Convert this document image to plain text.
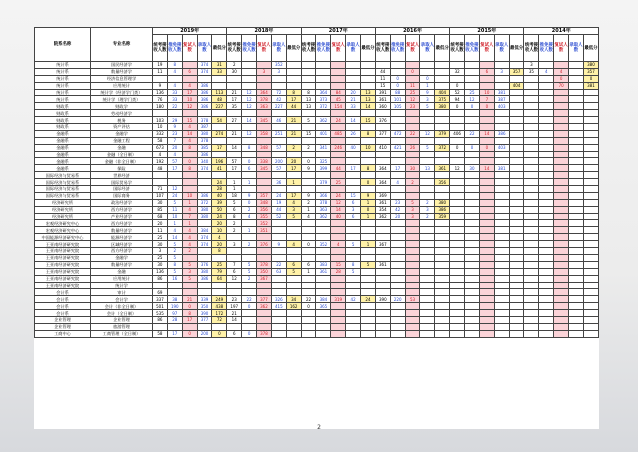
院系名称	专业名称	2019年					2018年					2017年					2016年					2015年					2014年				
		统考接收人数	推免接收人数	复试人数	录取人数	最低分	统考接收人数	推免接收人数	复试人数	录取人数	最低分	统考接收人数	推免接收人数	复试人数	录取人数	最低分	统考接收人数	推免接收人数	复试人数	录取人数	最低分	统考接收人数	推免接收人数	复试人数	录取人数	最低分	统考接收人数	推免接收人数	复试人数	录取人数	最低分
统计系	国民经济学	19	8		374	31	2			352																	3				380
统计系	数量经济学	11	4	6	374	33	30		3	3							44		0			32		6	3	357	35	4	4		357
统计系	经济信息管理学																11	0		0									0		0
统计系	应用统计	9	4	4	386												15	0	11	1		0				404			70		381
统计系	统计学（经济学门类）	136	33	17	386	113	21	12	364	72	8	8	364	84	20	13	391	88	25	9	404	52	25	10	381						
统计系	统计学（理学门类）	76	33	10	386	48	17	12	378	42	17	13	373	45	21	13	361	101	12	3	375	94	12	7	387						
财政系	财政学	180	22	12	386	227	35	12	363	227	44	13	372	154	33	14	360	105	23	5	380	0	0	0	403						
财政系	劳动经济学																														
财政系	税务	103	29	15	378	54	27	14	345	46	21	5	362	24	14	15	376														
财政系	资产评估	10	9	4	387																										
金融系	金融学	332	23	14	380	274	21	12	358	251	21	15	401	485	26	8	377	472	22	12	379	406	22	14	386						
金融系	金融工程	58	7	4	378																										
金融系	金融	673	20	8	385	17	14	8	348	57	2	2	341	246	40	10	410	421	26	5	372	0	0	0	403						
金融系	金融（全日制）	4	4		386																										
金融系	金融（非全日制）	192	57	0	340	196	57	0	338	200	20	0	325																		
金融系	保险	48	17	8	374	41	17	6	345	57	17	9	399	44	17	8	364	17	30	13	361	12	30	14	381						
国际经济与贸易系	世界经济																														
国际经济与贸易系	国际贸易学					24	1	1		36	1		379	25		0	364	4	2		356										
国际经济与贸易系	国际经济	71	12			28	1																								
国际经济与贸易系	国际商务	107	24	10	386	40	18	9	357	24	17	9	366	24	15	9	369														
经济研究所	政治经济学	30	5	1	372	39	5	0	348	19	4	2	378	12	6	1	361	23	5	2	380										
经济研究所	西方经济学	85	11	4	380	50	6	2	356	44	3	1	363	14	3	0	354	42	3	3	386										
经济研究所	产业经济学	68	10	7	380	24	8	4	355	52	5	4	362	40	6	1	362	20	3	2	359										
宏观经济研究中心	西方经济学	20	1	1		20	2		352																						
宏观经济研究中心	数量经济学	11	4	4	384	10	2	1	351																						
中国能源经济研究中心	能源经济学	25	14	4	374	4																									
王亚南经济研究院	区域经济学	30	5	4	374	20	3	2	376	9	4	0	352	4	5	1	367														
王亚南经济研究院	西方经济学	3	2	2		8																									
王亚南经济研究院	金融学	25	5																												
王亚南经济研究院	数量经济学	30	8	5	376	25	7	5	378	22	6	6	383	15	8	5	361														
王亚南经济研究院	金融	136	5	3	380	79	6	5	350	63	5	1	361	28	5																
王亚南经济研究院	应用统计	86	16	5	386	64	12	2	367																						
王亚南经济研究院	统计学																														
会计系	审计	69																													
会计系	会计学	337	38	21	339	249	23	22	377	326	34	22	384	319	42	24	390	220	53												
会计系	会计（非全日制）	501	190	0	350	438	197	0	362	415	162	0	365																		
会计系	会计（全日制）	535	97	8	390	172	21																								
企业管理	企业管理	86	28	17	377	72	14																								
企业管理	旅游管理																														
工商中心	工商管理（全日制）	58	17	0	200	0	6	0	378																						
2
